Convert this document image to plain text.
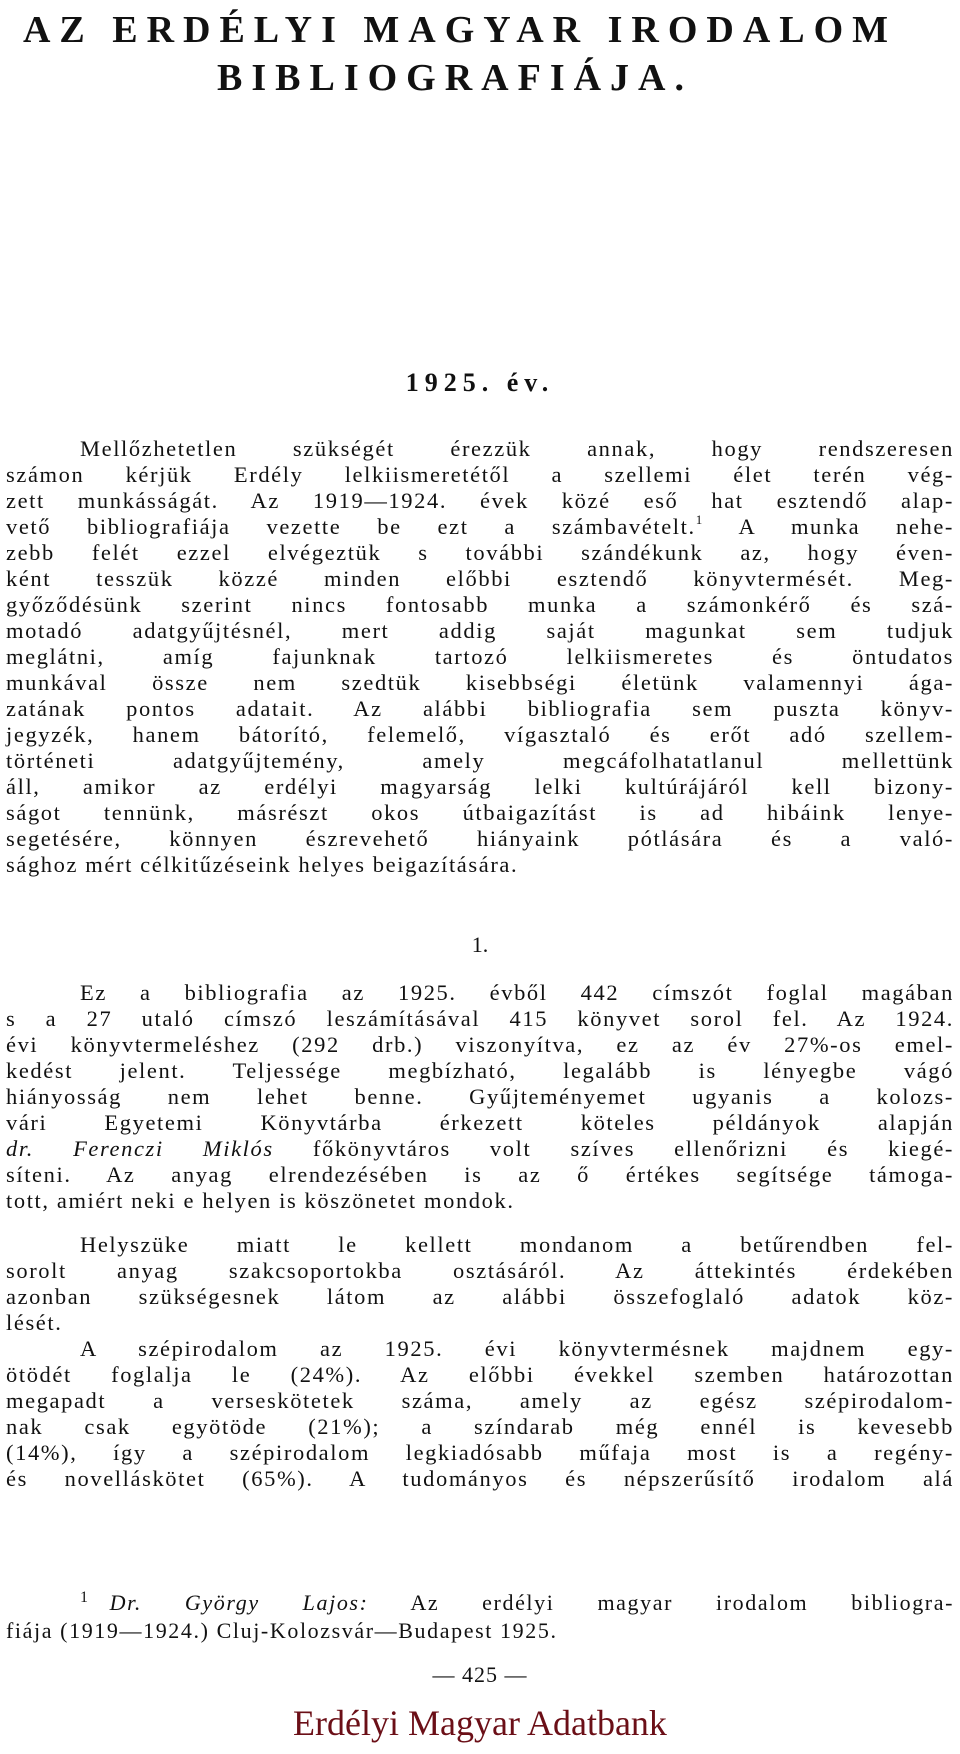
AZ ERDÉLYI MAGYAR IRODALOM
BIBLIOGRAFIÁJA.
1925. év.
Mellőzhetetlen szükségét érezzük annak, hogy rendszeresen
számon kérjük Erdély lelkiismeretétől a szellemi élet terén vég-
zett munkásságát. Az 1919—1924. évek közé eső hat esztendő alap-
vető bibliografiája vezette be ezt a számbavételt.$^1$ A munka nehe-
zebb felét ezzel elvégeztük s további szándékunk az, hogy éven-
ként tesszük közzé minden előbbi esztendő könyvtermését. Meg-
győződésünk szerint nincs fontosabb munka a számonkérő és szá-
motadó adatgyűjtésnél, mert addig saját magunkat sem tudjuk
meglátni, amíg fajunknak tartozó lelkiismeretes és öntudatos
munkával össze nem szedtük kisebbségi életünk valamennyi ága-
zatának pontos adatait. Az alábbi bibliografia sem puszta könyv-
jegyzék, hanem bátorító, felemelő, vígasztaló és erőt adó szellem-
történeti adatgyűjtemény, amely megcáfolhatatlanul mellettünk
áll, amikor az erdélyi magyarság lelki kultúrájáról kell bizony-
ságot tennünk, másrészt okos útbaigazítást is ad hibáink lenye-
segetésére, könnyen észrevehető hiányaink pótlására és a való-
sághoz mért célkitűzéseink helyes beigazítására.
1.
Ez a bibliografia az 1925. évből 442 címszót foglal magában
s a 27 utaló címszó leszámításával 415 könyvet sorol fel. Az 1924.
évi könyvtermeléshez (292 drb.) viszonyítva, ez az év 27%-os emel-
kedést jelent. Teljessége megbízható, legalább is lényegbe vágó
hiányosság nem lehet benne. Gyűjteményemet ugyanis a kolozs-
vári Egyetemi Könyvtárba érkezett köteles példányok alapján
dr. Ferenczi Miklós főkönyvtáros volt szíves ellenőrizni és kiegé-
síteni. Az anyag elrendezésében is az ő értékes segítsége támoga-
tott, amiért neki e helyen is köszönetet mondok.
Helyszüke miatt le kellett mondanom a betűrendben fel-
sorolt anyag szakcsoportokba osztásáról. Az áttekintés érdekében
azonban szükségesnek látom az alábbi összefoglaló adatok köz-
lését.
A szépirodalom az 1925. évi könyvtermésnek majdnem egy-
ötödét foglalja le (24%). Az előbbi évekkel szemben határozottan
megapadt a verseskötetek száma, amely az egész szépirodalom-
nak csak egyötöde (21%); a színdarab még ennél is kevesebb
(14%), így a szépirodalom legkiadósabb műfaja most is a regény-
és novelláskötet (65%). A tudományos és népszerűsítő irodalom alá
1 Dr. György Lajos: Az erdélyi magyar irodalom bibliogra-
fiája (1919—1924.) Cluj-Kolozsvár—Budapest 1925.
— 425 —
Erdélyi Magyar Adatbank
